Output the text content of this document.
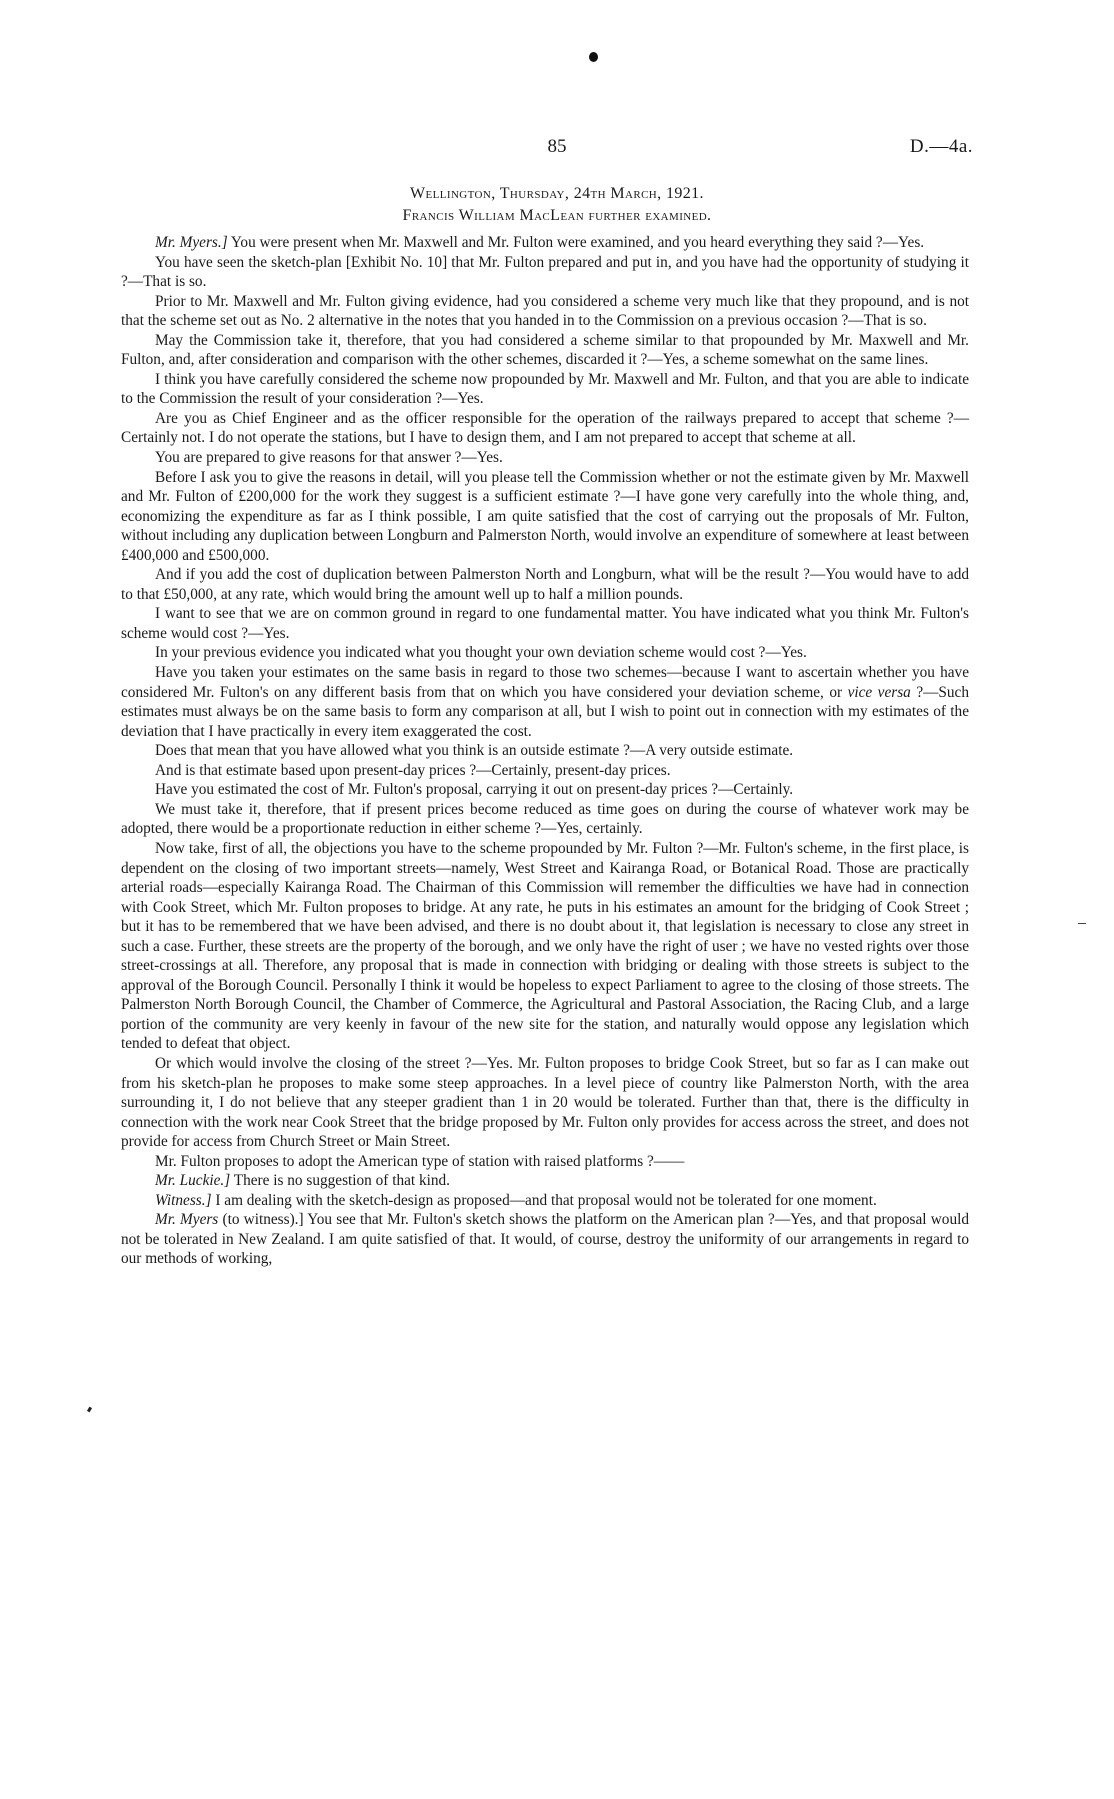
85	D.—4a.
Wellington, Thursday, 24th March, 1921.
Francis William MacLean further examined.

Mr. Myers.] You were present when Mr. Maxwell and Mr. Fulton were examined, and you heard everything they said ?—Yes.

You have seen the sketch-plan [Exhibit No. 10] that Mr. Fulton prepared and put in, and you have had the opportunity of studying it ?—That is so.

Prior to Mr. Maxwell and Mr. Fulton giving evidence, had you considered a scheme very much like that they propound, and is not that the scheme set out as No. 2 alternative in the notes that you handed in to the Commission on a previous occasion ?—That is so.

May the Commission take it, therefore, that you had considered a scheme similar to that propounded by Mr. Maxwell and Mr. Fulton, and, after consideration and comparison with the other schemes, discarded it ?—Yes, a scheme somewhat on the same lines.

I think you have carefully considered the scheme now propounded by Mr. Maxwell and Mr. Fulton, and that you are able to indicate to the Commission the result of your consideration ?—Yes.

Are you as Chief Engineer and as the officer responsible for the operation of the railways prepared to accept that scheme ?—Certainly not. I do not operate the stations, but I have to design them, and I am not prepared to accept that scheme at all.

You are prepared to give reasons for that answer ?—Yes.

Before I ask you to give the reasons in detail, will you please tell the Commission whether or not the estimate given by Mr. Maxwell and Mr. Fulton of £200,000 for the work they suggest is a sufficient estimate ?—I have gone very carefully into the whole thing, and, economizing the expenditure as far as I think possible, I am quite satisfied that the cost of carrying out the proposals of Mr. Fulton, without including any duplication between Longburn and Palmerston North, would involve an expenditure of somewhere at least between £400,000 and £500,000.

And if you add the cost of duplication between Palmerston North and Longburn, what will be the result ?—You would have to add to that £50,000, at any rate, which would bring the amount well up to half a million pounds.

I want to see that we are on common ground in regard to one fundamental matter. You have indicated what you think Mr. Fulton's scheme would cost ?—Yes.

In your previous evidence you indicated what you thought your own deviation scheme would cost ?—Yes.

Have you taken your estimates on the same basis in regard to those two schemes—because I want to ascertain whether you have considered Mr. Fulton's on any different basis from that on which you have considered your deviation scheme, or vice versa ?—Such estimates must always be on the same basis to form any comparison at all, but I wish to point out in connection with my estimates of the deviation that I have practically in every item exaggerated the cost.

Does that mean that you have allowed what you think is an outside estimate ?—A very outside estimate.

And is that estimate based upon present-day prices ?—Certainly, present-day prices.

Have you estimated the cost of Mr. Fulton's proposal, carrying it out on present-day prices ?—Certainly.

We must take it, therefore, that if present prices become reduced as time goes on during the course of whatever work may be adopted, there would be a proportionate reduction in either scheme ?—Yes, certainly.

Now take, first of all, the objections you have to the scheme propounded by Mr. Fulton ?—Mr. Fulton's scheme, in the first place, is dependent on the closing of two important streets—namely, West Street and Kairanga Road, or Botanical Road. Those are practically arterial roads—especially Kairanga Road. The Chairman of this Commission will remember the difficulties we have had in connection with Cook Street, which Mr. Fulton proposes to bridge. At any rate, he puts in his estimates an amount for the bridging of Cook Street ; but it has to be remembered that we have been advised, and there is no doubt about it, that legislation is necessary to close any street in such a case. Further, these streets are the property of the borough, and we only have the right of user ; we have no vested rights over those street-crossings at all. Therefore, any proposal that is made in connection with bridging or dealing with those streets is subject to the approval of the Borough Council. Personally I think it would be hopeless to expect Parliament to agree to the closing of those streets. The Palmerston North Borough Council, the Chamber of Commerce, the Agricultural and Pastoral Association, the Racing Club, and a large portion of the community are very keenly in favour of the new site for the station, and naturally would oppose any legislation which tended to defeat that object.

Or which would involve the closing of the street ?—Yes. Mr. Fulton proposes to bridge Cook Street, but so far as I can make out from his sketch-plan he proposes to make some steep approaches. In a level piece of country like Palmerston North, with the area surrounding it, I do not believe that any steeper gradient than 1 in 20 would be tolerated. Further than that, there is the difficulty in connection with the work near Cook Street that the bridge proposed by Mr. Fulton only provides for access across the street, and does not provide for access from Church Street or Main Street.

Mr. Fulton proposes to adopt the American type of station with raised platforms ?——

Mr. Luckie.] There is no suggestion of that kind.

Witness.] I am dealing with the sketch-design as proposed—and that proposal would not be tolerated for one moment.

Mr. Myers (to witness).] You see that Mr. Fulton's sketch shows the platform on the American plan ?—Yes, and that proposal would not be tolerated in New Zealand. I am quite satisfied of that. It would, of course, destroy the uniformity of our arrangements in regard to our methods of working,
